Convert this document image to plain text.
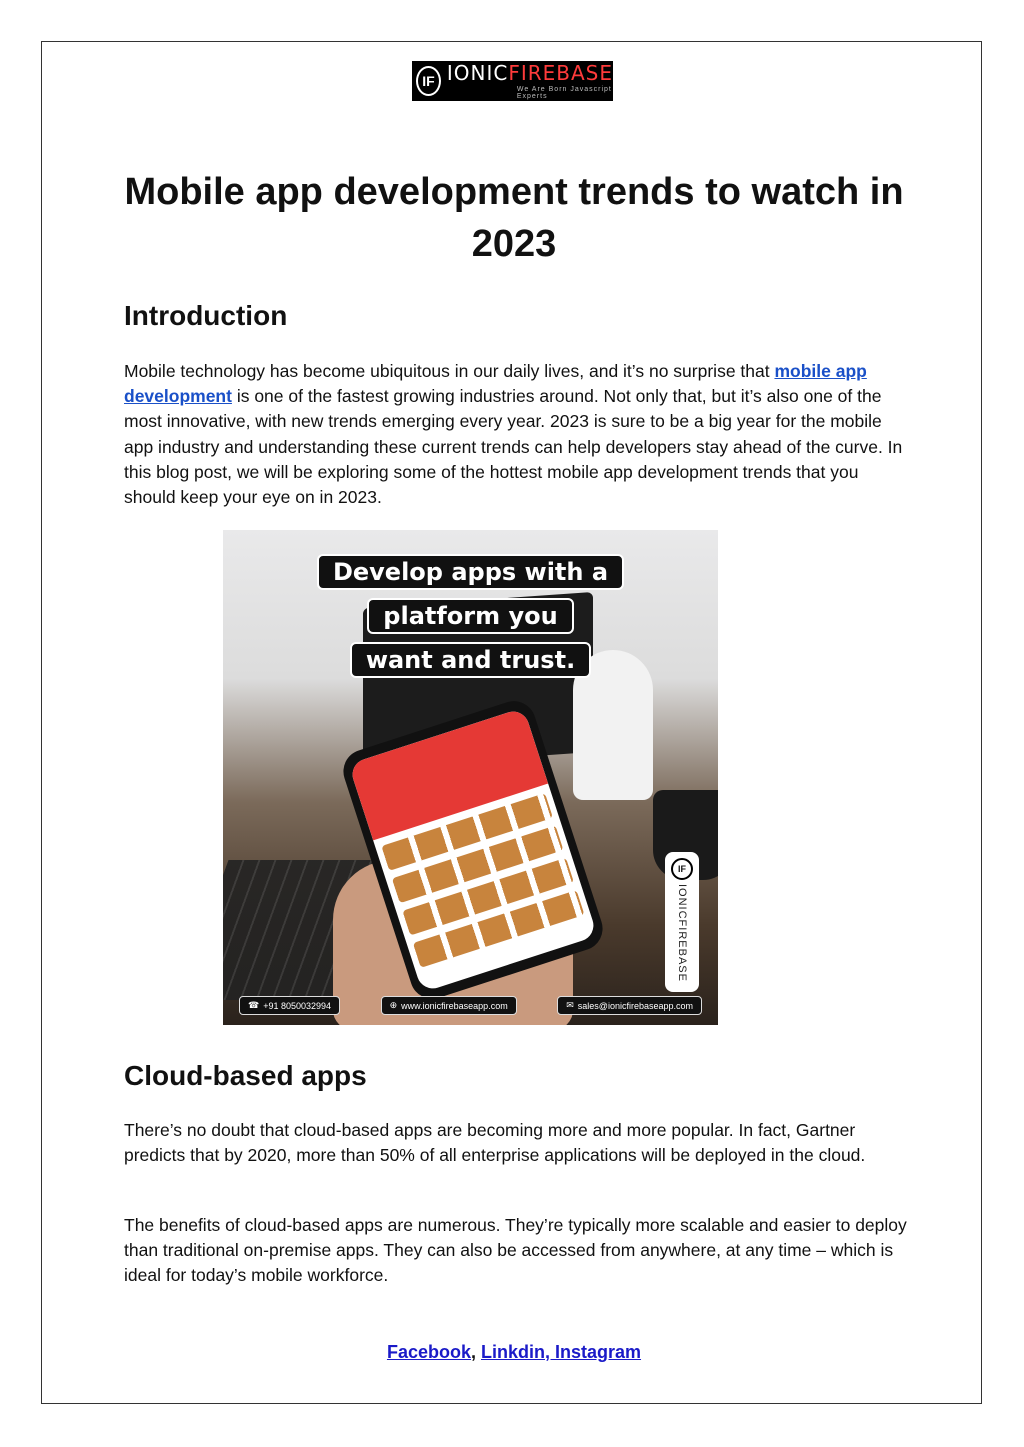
IF IONICFIREBASE
We Are Born Javascript Experts
Mobile app development trends to watch in 2023
Introduction

Mobile technology has become ubiquitous in our daily lives, and it’s no surprise that mobile app development is one of the fastest growing industries around. Not only that, but it’s also one of the most innovative, with new trends emerging every year. 2023 is sure to be a big year for the mobile app industry and understanding these current trends can help developers stay ahead of the curve. In this blog post, we will be exploring some of the hottest mobile app development trends that you should keep your eye on in 2023.

Develop apps with a
platform you
want and trust.
IF
IONICFIREBASE
☎ +91 8050032994	⊕ www.ionicfirebaseapp.com	✉ sales@ionicfirebaseapp.com
Cloud-based apps

There’s no doubt that cloud-based apps are becoming more and more popular. In fact, Gartner predicts that by 2020, more than 50% of all enterprise applications will be deployed in the cloud.

The benefits of cloud-based apps are numerous. They’re typically more scalable and easier to deploy than traditional on-premise apps. They can also be accessed from anywhere, at any time – which is ideal for today’s mobile workforce.

Facebook, Linkdin, Instagram
